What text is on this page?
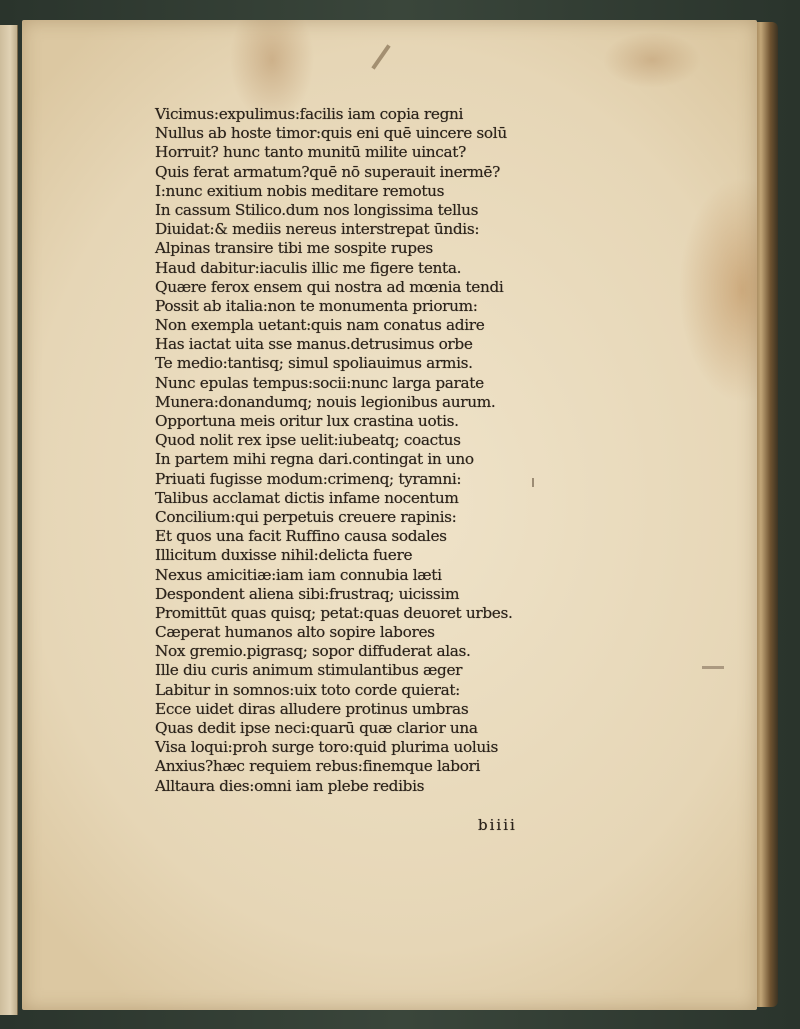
Vicimus:expulimus:facilis iam copia regni
Nullus ab hoste timor:quis eni quē uincere solū
Horruit? hunc tanto munitū milite uincat?
Quis ferat armatum?quē nō superauit inermē?
I:nunc exitium nobis meditare remotus
In cassum Stilico.dum nos longissima tellus
Diuidat:& mediis nereus interstrepat ūndis:
Alpinas transire tibi me sospite rupes
Haud dabitur:iaculis illic me figere tenta.
Quære ferox ensem qui nostra ad mœnia tendi
Possit ab italia:non te monumenta priorum:
Non exempla uetant:quis nam conatus adire
Has iactat uita sse manus.detrusimus orbe
Te medio:tantisq; simul spoliauimus armis.
Nunc epulas tempus:socii:nunc larga parate
Munera:donandumq; nouis legionibus aurum.
Opportuna meis oritur lux crastina uotis.
Quod nolit rex ipse uelit:iubeatq; coactus
In partem mihi regna dari.contingat in uno
Priuati fugisse modum:crimenq; tyramni:
Talibus acclamat dictis infame nocentum
Concilium:qui perpetuis creuere rapinis:
Et quos una facit Ruffino causa sodales
Illicitum duxisse nihil:delicta fuere
Nexus amicitiæ:iam iam connubia læti
Despondent aliena sibi:frustraq; uicissim
Promittūt quas quisq; petat:quas deuoret urbes.
Cæperat humanos alto sopire labores
Nox gremio.pigrasq; sopor diffuderat alas.
Ille diu curis animum stimulantibus æger
Labitur in somnos:uix toto corde quierat:
Ecce uidet diras alludere protinus umbras
Quas dedit ipse neci:quarū quæ clarior una
Visa loqui:proh surge toro:quid plurima uoluis
Anxius?hæc requiem rebus:finemque labori
Alltaura dies:omni iam plebe redibis
biiii
